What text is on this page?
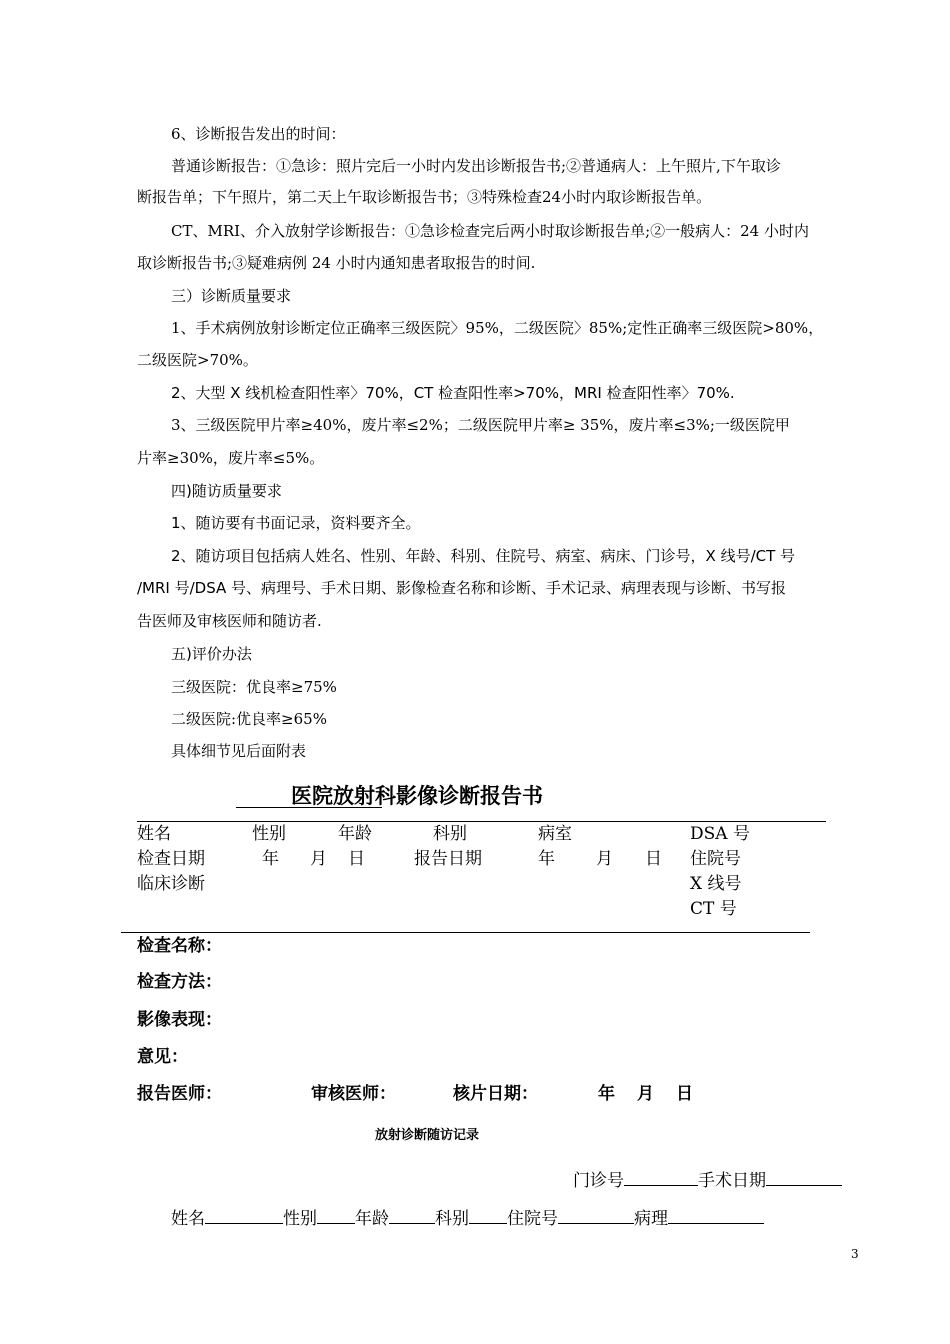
6、诊断报告发出的时间：
普通诊断报告：①急诊：照片完后一小时内发出诊断报告书;②普通病人：上午照片,下午取诊
断报告单；下午照片，第二天上午取诊断报告书；③特殊检查24小时内取诊断报告单。
CT、MRI、介入放射学诊断报告：①急诊检查完后两小时取诊断报告单;②一般病人：24 小时内
取诊断报告书;③疑难病例 24 小时内通知患者取报告的时间.
三）诊断质量要求
1、手术病例放射诊断定位正确率三级医院〉95%，二级医院〉85%;定性正确率三级医院>80%，
二级医院>70%。
2、大型 X 线机检查阳性率〉70%，CT 检查阳性率>70%，MRI 检查阳性率〉70%.
3、三级医院甲片率≥40%，废片率≤2%；二级医院甲片率≥ 35%，废片率≤3%;一级医院甲
片率≥30%，废片率≤5%。
四)随访质量要求
1、随访要有书面记录，资料要齐全。
2、随访项目包括病人姓名、性别、年龄、科别、住院号、病室、病床、门诊号，X 线号/CT 号
/MRI 号/DSA 号、病理号、手术日期、影像检查名称和诊断、手术记录、病理表现与诊断、书写报
告医师及审核医师和随访者.
五)评价办法
三级医院：优良率≥75%
二级医院:优良率≥65%
具体细节见后面附表
医院放射科影像诊断报告书
姓名	性别	年龄	科别	病室	DSA 号
检查日期	年 月 日	报告日期	年 月 日 住院号
临床诊断	X 线号
CT 号
检查名称：
检查方法：
影像表现：
意见：
报告医师：	审核医师：	核片日期：	年 月 日
放射诊断随访记录
门诊号	手术日期
姓名	性别 年龄	科别 住院号	病理
3
